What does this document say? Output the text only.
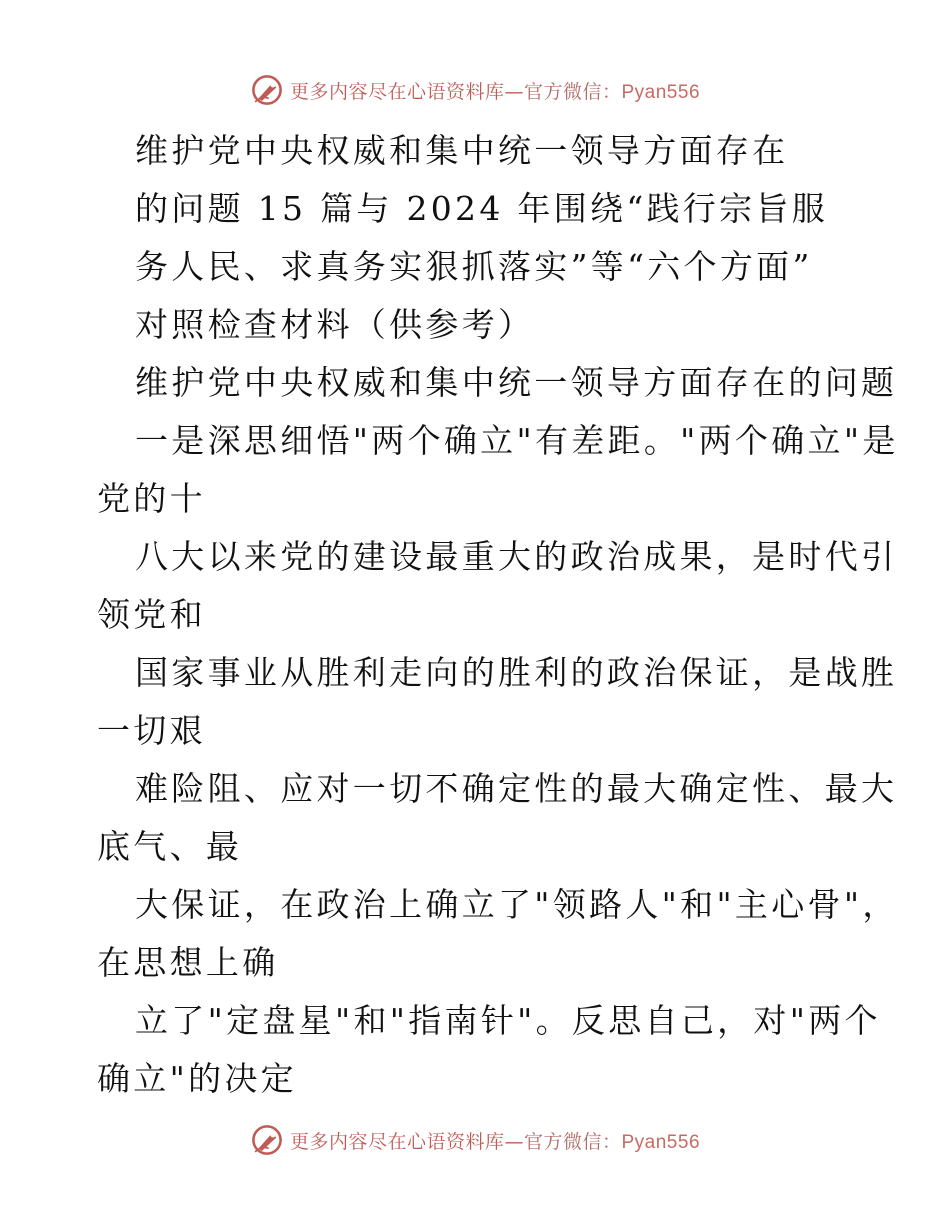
更多内容尽在心语资料库—官方微信：Pyan556
维护党中央权威和集中统一领导方面存在
的问题 15 篇与 2024 年围绕“践行宗旨服
务人民、求真务实狠抓落实”等“六个方面”
对照检查材料（供参考）
维护党中央权威和集中统一领导方面存在的问题
一是深思细悟"两个确立"有差距。"两个确立"是
党的十
八大以来党的建设最重大的政治成果，是时代引
领党和
国家事业从胜利走向的胜利的政治保证，是战胜
一切艰
难险阻、应对一切不确定性的最大确定性、最大
底气、最
大保证，在政治上确立了"领路人"和"主心骨"，
在思想上确
立了"定盘星"和"指南针"。反思自己，对"两个
确立"的决定
更多内容尽在心语资料库—官方微信：Pyan556
